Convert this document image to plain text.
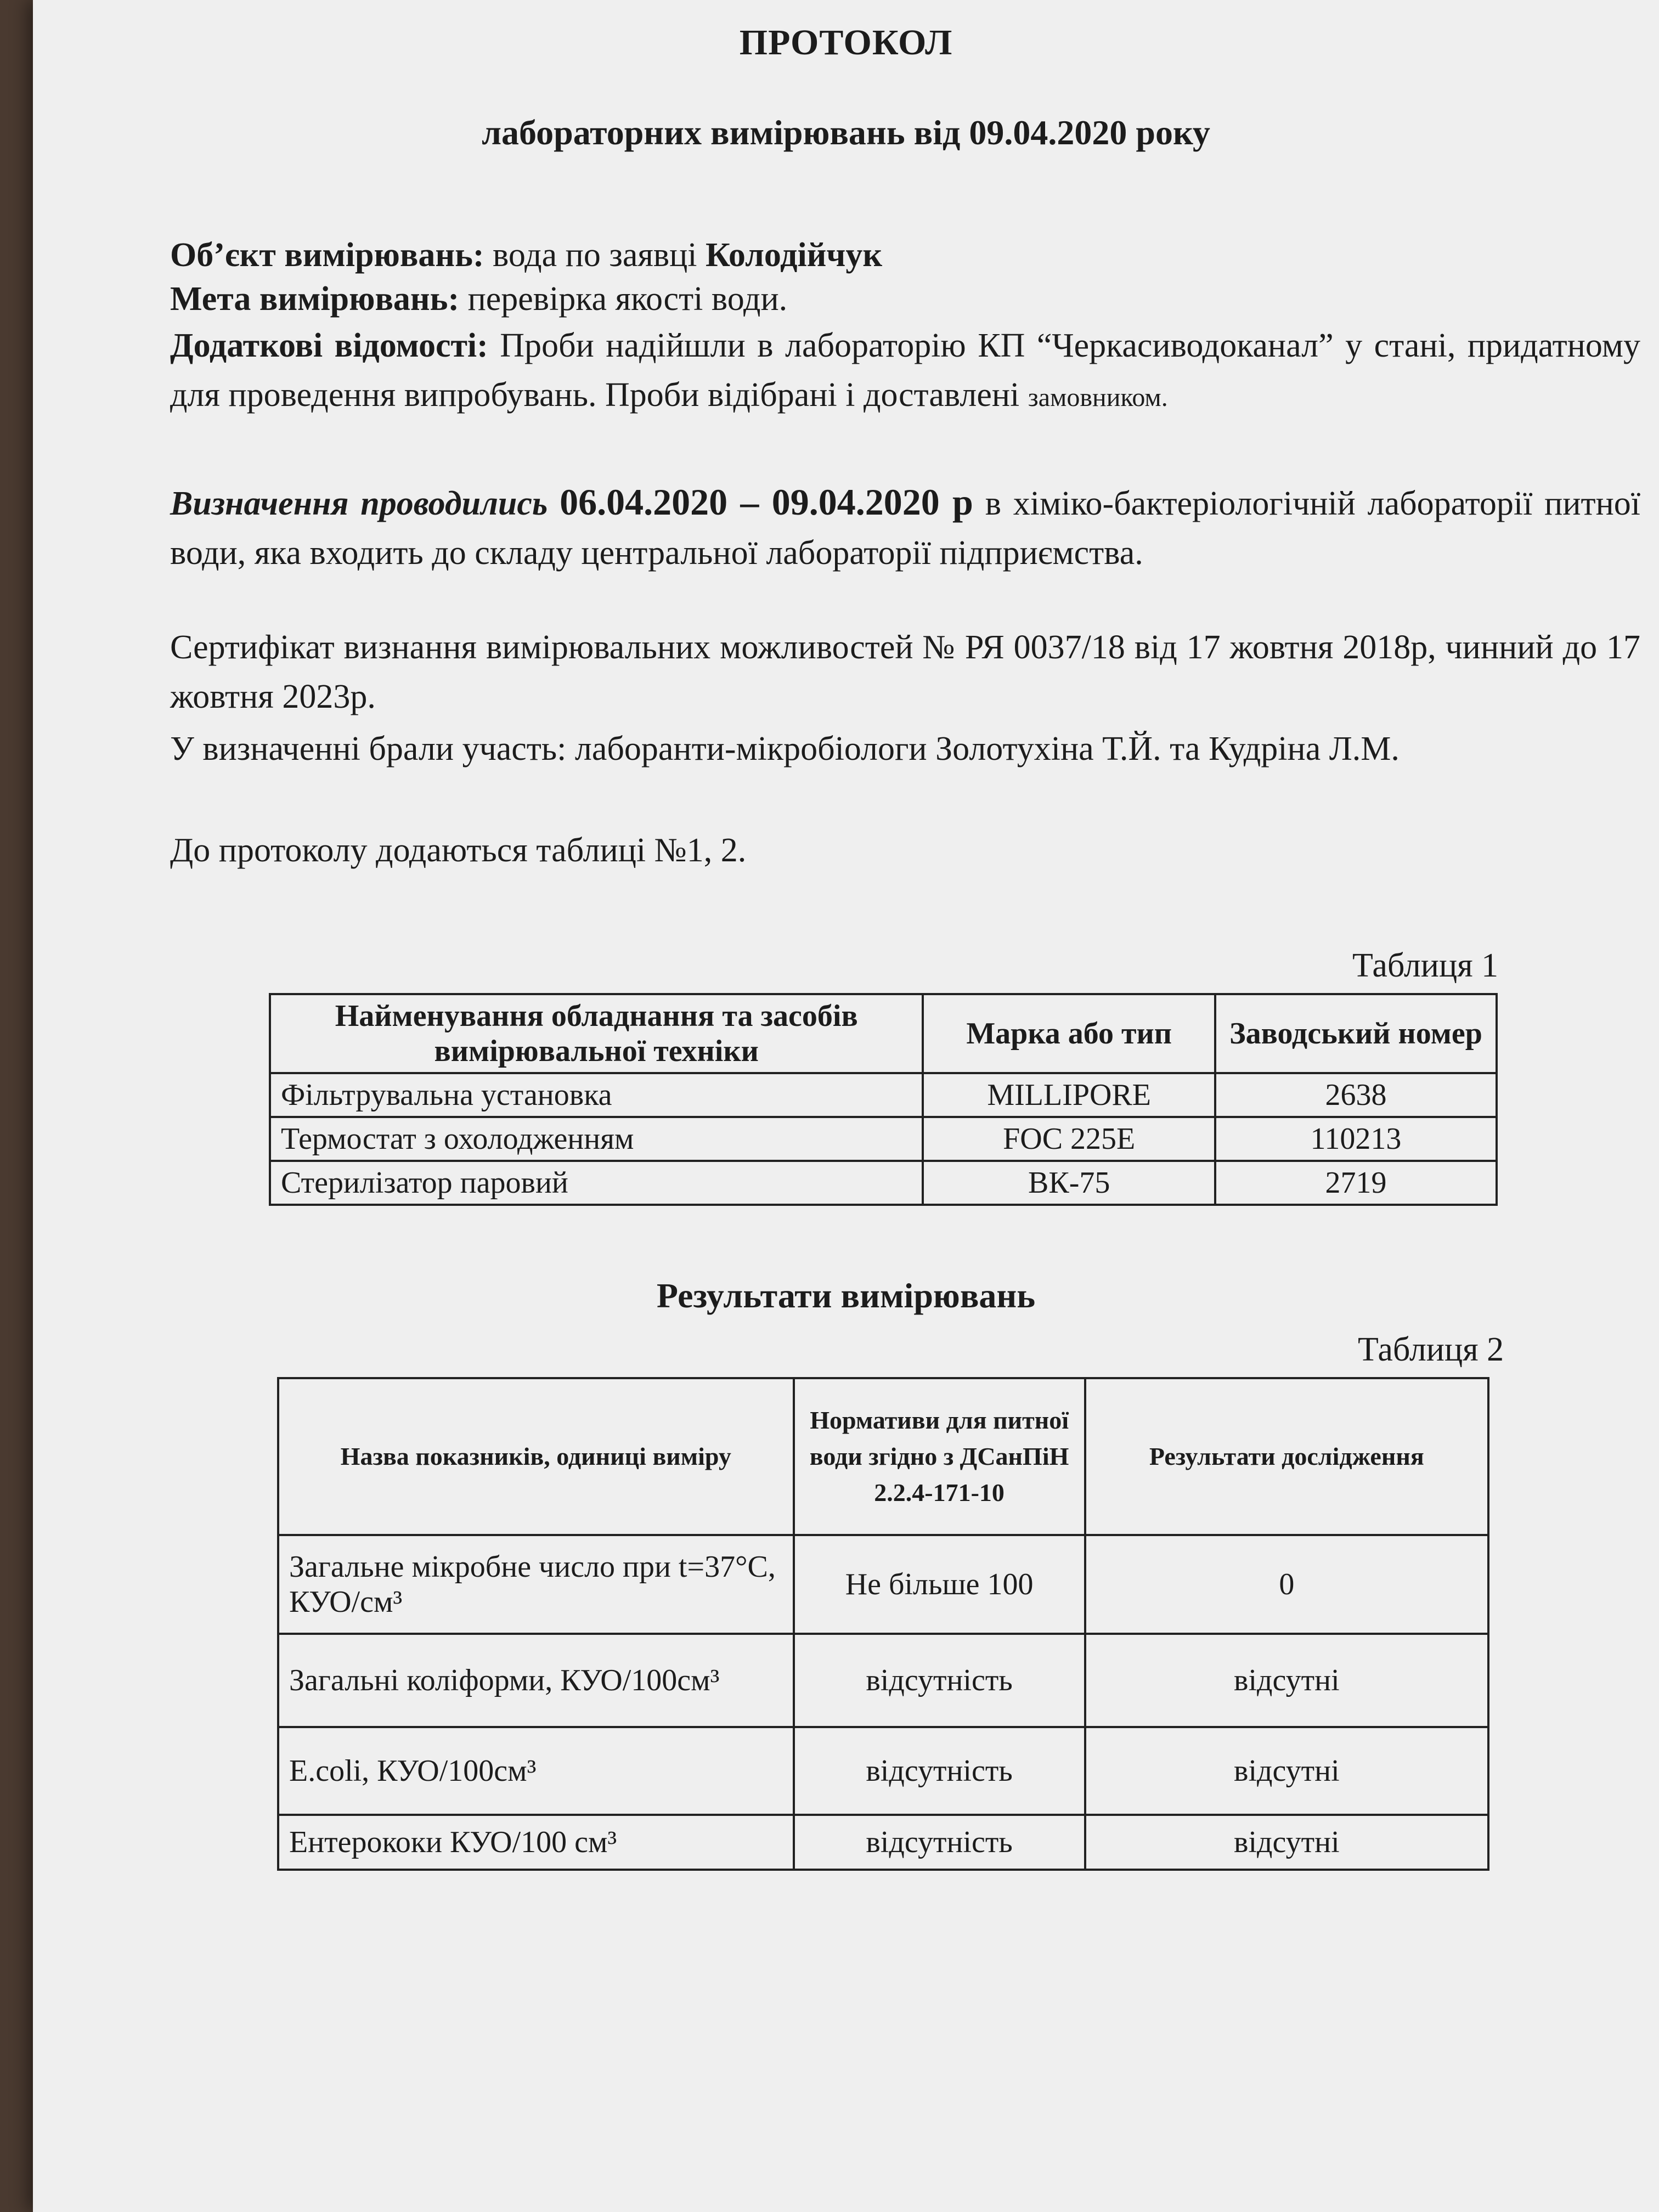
ПРОТОКОЛ
лабораторних вимірювань від 09.04.2020 року
Об’єкт вимірювань: вода по заявці Колодійчук
Мета вимірювань: перевірка якості води.
Додаткові відомості: Проби надійшли в лабораторію КП “Черкасиводоканал” у стані, придатному для проведення випробувань. Проби відібрані і доставлені замовником.
Визначення проводились 06.04.2020 – 09.04.2020 р в хіміко-бактеріологічній лабораторії питної води, яка входить до складу центральної лабораторії підприємства.
Сертифікат визнання вимірювальних можливостей № РЯ 0037/18 від 17 жовтня 2018р, чинний до 17 жовтня 2023р.
У визначенні брали участь: лаборанти-мікробіологи Золотухіна Т.Й. та Кудріна Л.М.
До протоколу додаються таблиці №1, 2.
Таблиця 1
Найменування обладнання та засобів вимірювальної техніки	Марка або тип	Заводський номер
Фільтрувальна установка	MILLIPORE	2638
Термостат з охолодженням	FOC 225E	110213
Стерилізатор паровий	ВК-75	2719
Результати вимірювань
Таблиця 2
Назва показників, одиниці виміру	Нормативи для питної води згідно з ДСанПіН 2.2.4-171-10	Результати дослідження
Загальне мікробне число при t=37°С, КУО/см³	Не більше 100	0
Загальні коліформи, КУО/100см³	відсутність	відсутні
E.coli, КУО/100см³	відсутність	відсутні
Ентерококи КУО/100 см³	відсутність	відсутні
